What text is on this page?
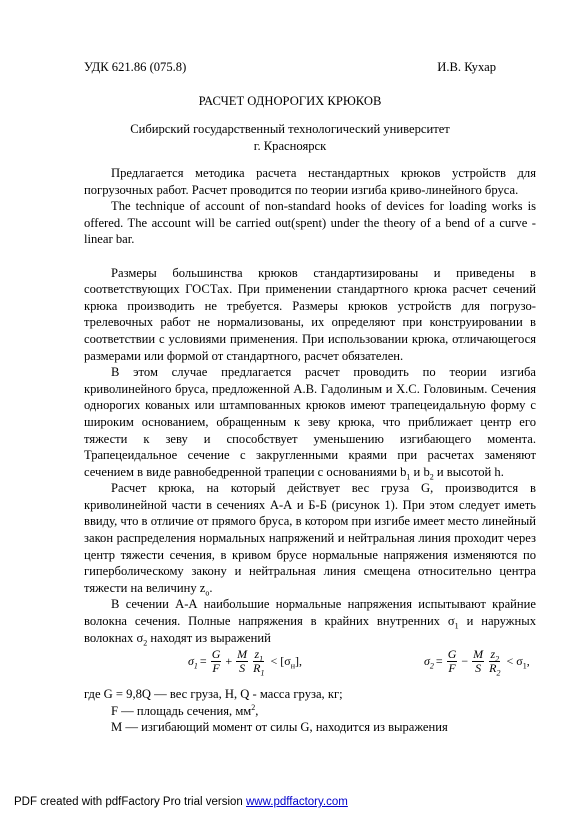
УДК 621.86 (075.8)	И.В. Кухар
РАСЧЕТ ОДНОРОГИХ КРЮКОВ
Сибирский государственный технологический университет
г. Красноярск

Предлагается методика расчета нестандартных крюков устройств для погрузочных работ. Расчет проводится по теории изгиба криво-линейного бруса.

The technique of account of non-standard hooks of devices for loading works is offered. The account will be carried out(spent) under the theory of a bend of a curve - linear bar.

Размеры большинства крюков стандартизированы и приведены в соответствующих ГОСТах. При применении стандартного крюка расчет сечений крюка производить не требуется. Размеры крюков устройств для погрузо-трелевочных работ не нормализованы, их определяют при конструировании в соответствии с условиями применения. При использовании крюка, отличающегося размерами или формой от стандартного, расчет обязателен.

В этом случае предлагается расчет проводить по теории изгиба криволинейного бруса, предложенной А.В. Гадолиным и Х.С. Головиным. Сечения однорогих кованых или штампованных крюков имеют трапецеидальную форму с широким основанием, обращенным к зеву крюка, что приближает центр его тяжести к зеву и способствует уменьшению изгибающего момента. Трапецеидальное сечение с закругленными краями при расчетах заменяют сечением в виде равнобедренной трапеции с основаниями $b_1$ и $b_2$ и высотой h.

Расчет крюка, на который действует вес груза G, производится в криволинейной части в сечениях А-А и Б-Б (рисунок 1). При этом следует иметь ввиду, что в отличие от прямого бруса, в котором при изгибе имеет место линейный закон распределения нормальных напряжений и нейтральная линия проходит через центр тяжести сечения, в кривом брусе нормальные напряжения изменяются по гиперболическому закону и нейтральная линия смещена относительно центра тяжести на величину $z_o$.

В сечении А-А наибольшие нормальные напряжения испытывают крайние волокна сечения. Полные напряжения в крайних внутренних $\sigma_1$ и наружных волокнах $\sigma_2$ находят из выражений

$\sigma_1 = \frac{G}{F} + \frac{M}{S} \frac{z_1}{R_1} < [\sigma_н]$,	$\sigma_2 = \frac{G}{F} - \frac{M}{S} \frac{z_2}{R_2} < \sigma_1$,

где G = 9,8Q — вес груза, Н, Q - масса груза, кг;

F — площадь сечения, $мм^2$,

М — изгибающий момент от силы G, находится из выражения

PDF created with pdfFactory Pro trial version www.pdffactory.com
